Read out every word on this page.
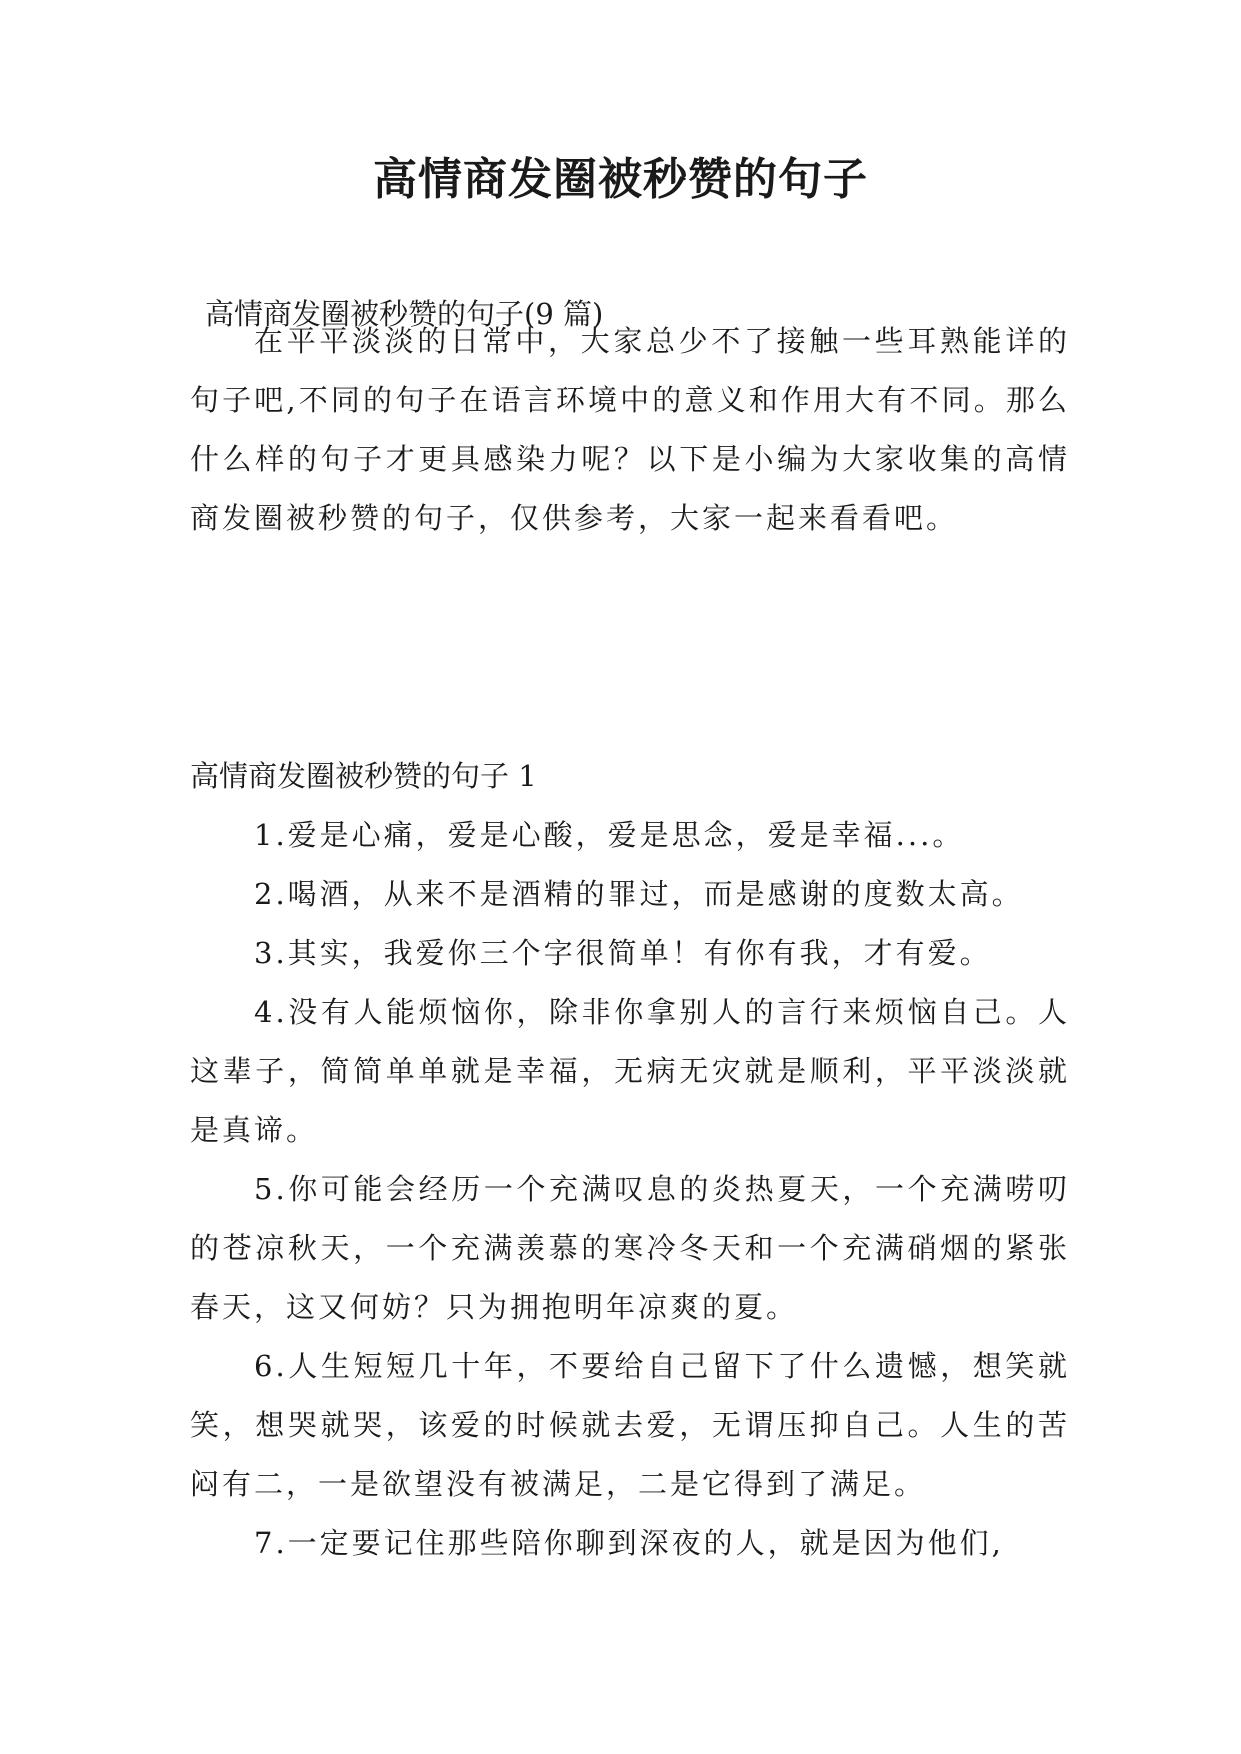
高情商发圈被秒赞的句子

高情商发圈被秒赞的句子(9 篇)

在平平淡淡的日常中，大家总少不了接触一些耳熟能详的句子吧,不同的句子在语言环境中的意义和作用大有不同。那么什么样的句子才更具感染力呢？以下是小编为大家收集的高情商发圈被秒赞的句子，仅供参考，大家一起来看看吧。

高情商发圈被秒赞的句子 1

1.爱是心痛，爱是心酸，爱是思念，爱是幸福...。

2.喝酒，从来不是酒精的罪过，而是感谢的度数太高。

3.其实，我爱你三个字很简单！有你有我，才有爱。

4.没有人能烦恼你，除非你拿别人的言行来烦恼自己。人这辈子，简简单单就是幸福，无病无灾就是顺利，平平淡淡就是真谛。

5.你可能会经历一个充满叹息的炎热夏天，一个充满唠叨的苍凉秋天，一个充满羡慕的寒冷冬天和一个充满硝烟的紧张春天，这又何妨？只为拥抱明年凉爽的夏。

6.人生短短几十年，不要给自己留下了什么遗憾，想笑就笑，想哭就哭，该爱的时候就去爱，无谓压抑自己。人生的苦闷有二，一是欲望没有被满足，二是它得到了满足。

7.一定要记住那些陪你聊到深夜的人，就是因为他们,
